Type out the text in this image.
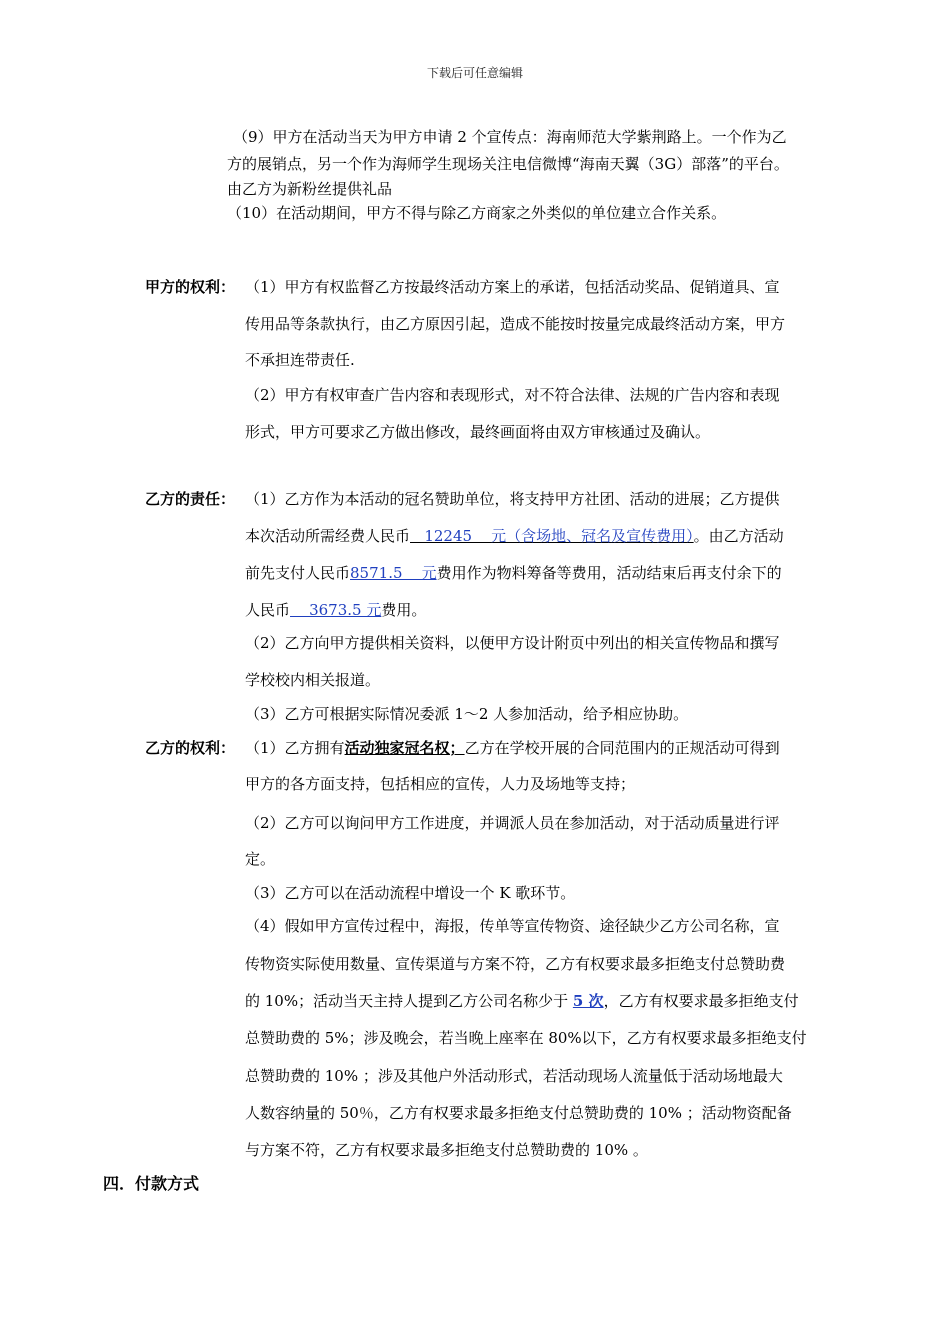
下载后可任意编辑
（9）甲方在活动当天为甲方申请 2 个宣传点：海南师范大学紫荆路上。一个作为乙
方的展销点，另一个作为海师学生现场关注电信微博“海南天翼（3G）部落”的平台。
由乙方为新粉丝提供礼品
（10）在活动期间，甲方不得与除乙方商家之外类似的单位建立合作关系。
甲方的权利： （1）甲方有权监督乙方按最终活动方案上的承诺，包括活动奖品、促销道具、宣
传用品等条款执行，由乙方原因引起，造成不能按时按量完成最终活动方案，甲方
不承担连带责任.
（2）甲方有权审查广告内容和表现形式，对不符合法律、法规的广告内容和表现
形式，甲方可要求乙方做出修改，最终画面将由双方审核通过及确认。
乙方的责任： （1）乙方作为本活动的冠名赞助单位，将支持甲方社团、活动的进展；乙方提供
本次活动所需经费人民币   12245    元（含场地、冠名及宣传费用）。由乙方活动
前先支付人民币8571.5    元费用作为物料筹备等费用，活动结束后再支付余下的
人民币    3673.5 元费用。
（2）乙方向甲方提供相关资料，以便甲方设计附页中列出的相关宣传物品和撰写
学校校内相关报道。
（3）乙方可根据实际情况委派 1～2 人参加活动，给予相应协助。
乙方的权利： （1）乙方拥有活动独家冠名权；乙方在学校开展的合同范围内的正规活动可得到
甲方的各方面支持，包括相应的宣传，人力及场地等支持；
（2）乙方可以询问甲方工作进度，并调派人员在参加活动，对于活动质量进行评
定。
（3）乙方可以在活动流程中增设一个 K 歌环节。
（4）假如甲方宣传过程中，海报，传单等宣传物资、途径缺少乙方公司名称，宣
传物资实际使用数量、宣传渠道与方案不符，乙方有权要求最多拒绝支付总赞助费
的 10%；活动当天主持人提到乙方公司名称少于 5 次，乙方有权要求最多拒绝支付
总赞助费的 5%；涉及晚会，若当晚上座率在 80%以下，乙方有权要求最多拒绝支付
总赞助费的 10% ；涉及其他户外活动形式，若活动现场人流量低于活动场地最大
人数容纳量的 50％，乙方有权要求最多拒绝支付总赞助费的 10% ；活动物资配备
与方案不符，乙方有权要求最多拒绝支付总赞助费的 10% 。
四．付款方式
